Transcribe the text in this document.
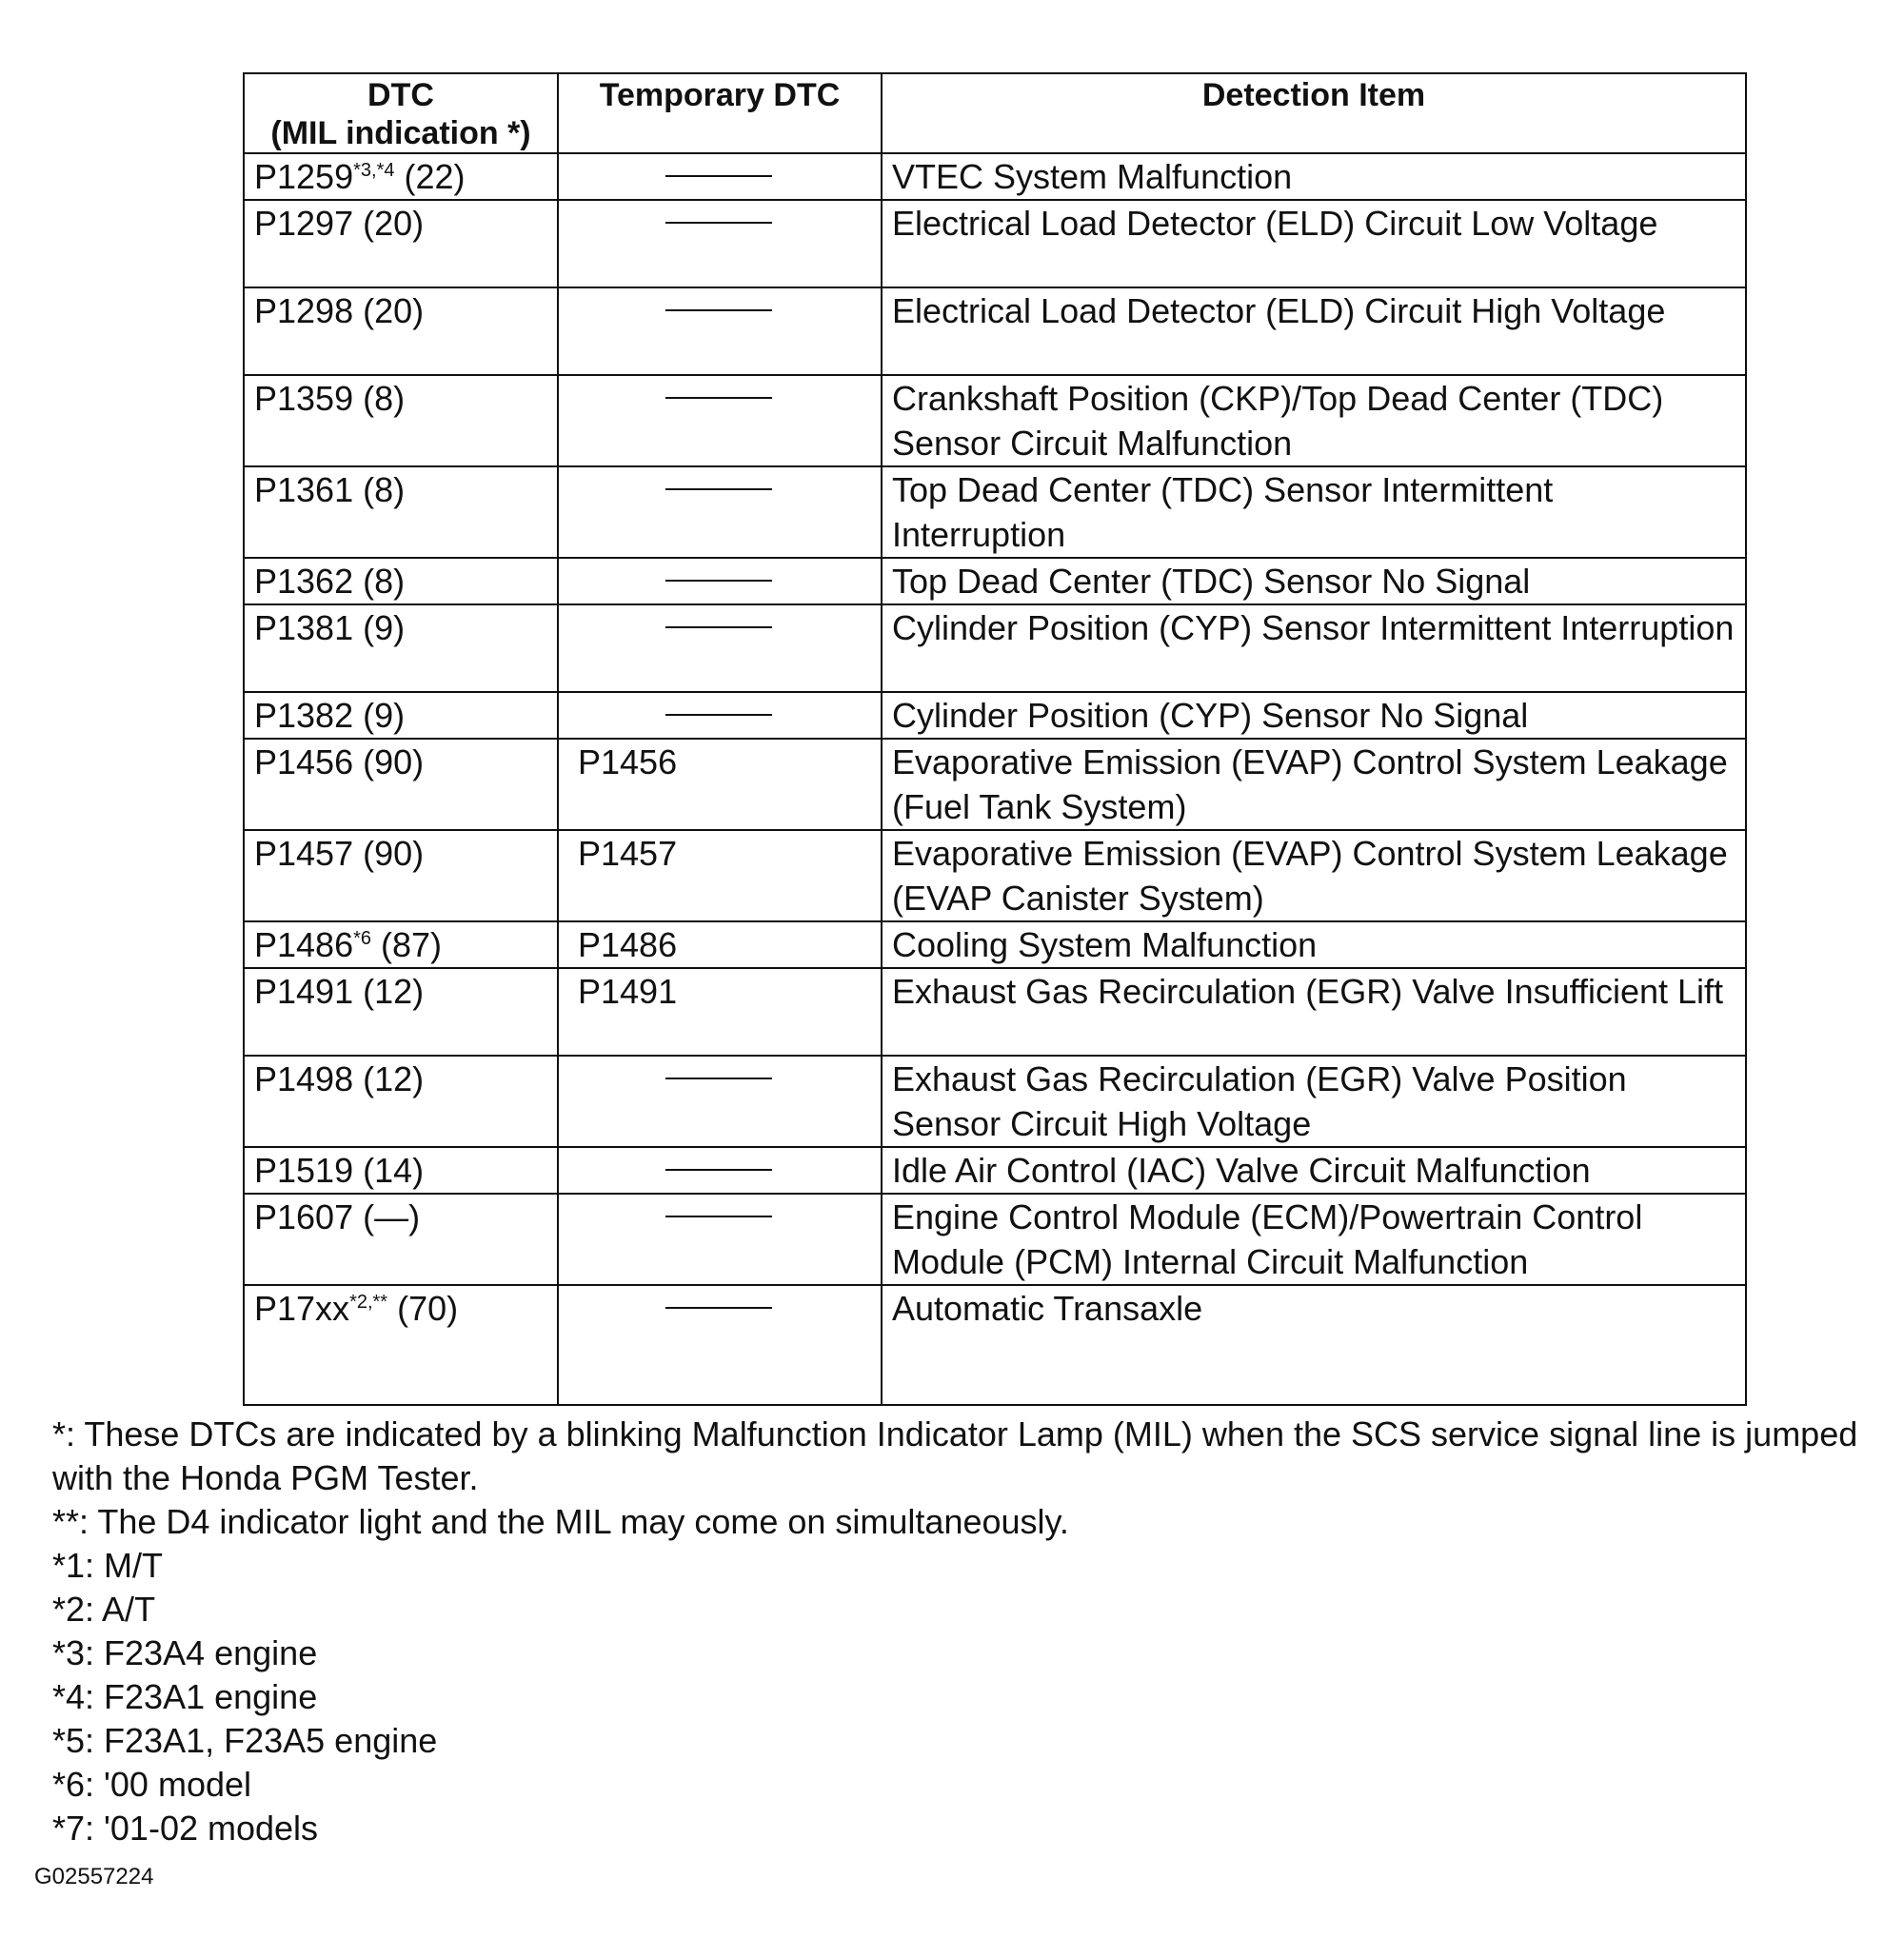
DTC
(MIL indication *)	Temporary DTC	Detection Item
$P1259^{*3,*4}$ (22)		VTEC System Malfunction
P1297 (20)		Electrical Load Detector (ELD) Circuit Low Voltage
P1298 (20)		Electrical Load Detector (ELD) Circuit High Voltage
P1359 (8)		Crankshaft Position (CKP)/Top Dead Center (TDC) Sensor Circuit Malfunction
P1361 (8)		Top Dead Center (TDC) Sensor Intermittent Interruption
P1362 (8)		Top Dead Center (TDC) Sensor No Signal
P1381 (9)		Cylinder Position (CYP) Sensor Intermittent Interruption
P1382 (9)		Cylinder Position (CYP) Sensor No Signal
P1456 (90)	P1456	Evaporative Emission (EVAP) Control System Leakage (Fuel Tank System)
P1457 (90)	P1457	Evaporative Emission (EVAP) Control System Leakage (EVAP Canister System)
P1486$^{*6}$ (87)	P1486	Cooling System Malfunction
P1491 (12)	P1491	Exhaust Gas Recirculation (EGR) Valve Insufficient Lift
P1498 (12)		Exhaust Gas Recirculation (EGR) Valve Position Sensor Circuit High Voltage
P1519 (14)		Idle Air Control (IAC) Valve Circuit Malfunction
P1607 (—)		Engine Control Module (ECM)/Powertrain Control Module (PCM) Internal Circuit Malfunction
$P17xx^{*2,**}$ (70)		Automatic Transaxle
*: These DTCs are indicated by a blinking Malfunction Indicator Lamp (MIL) when the SCS service signal line is jumped with the Honda PGM Tester.
**: The D4 indicator light and the MIL may come on simultaneously.
*1: M/T
*2: A/T
*3: F23A4 engine
*4: F23A1 engine
*5: F23A1, F23A5 engine
*6: '00 model
*7: '01-02 models
G02557224
